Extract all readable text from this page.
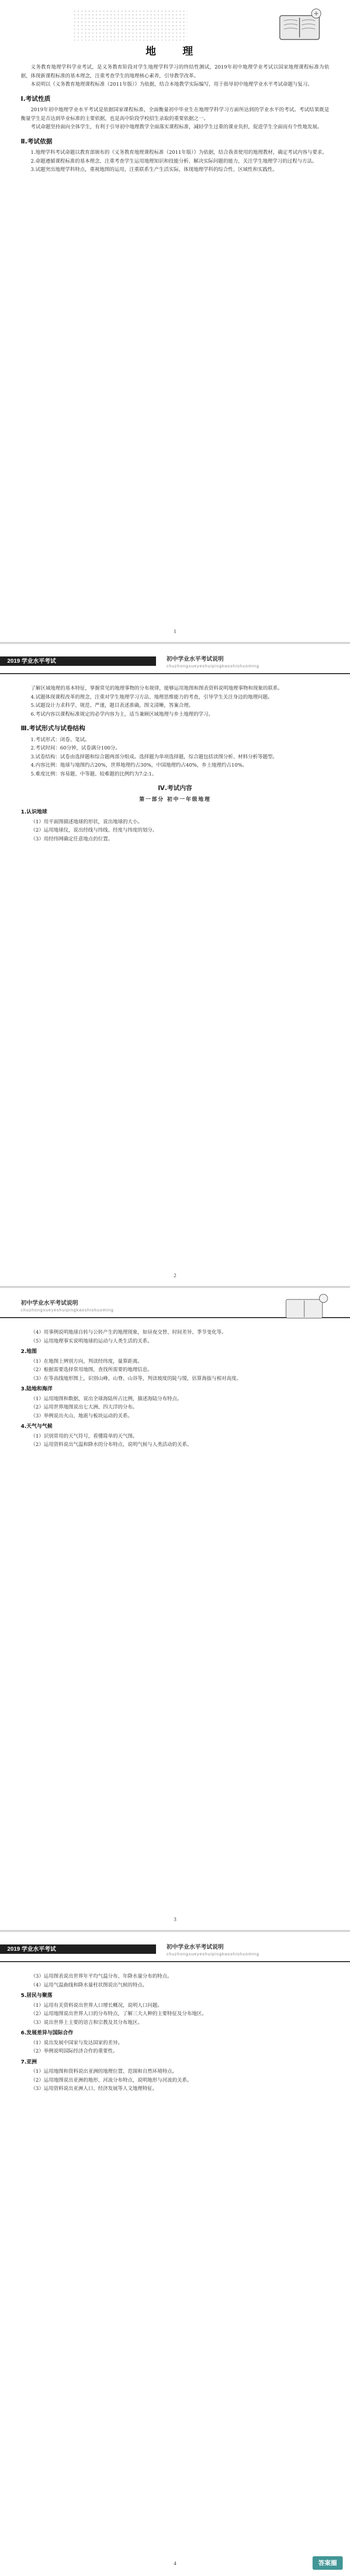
地 理

义务教育地理学科学业考试，是义务教育阶段对学生地理学科学习的终结性测试，2019年初中地理学业考试以国家地理课程标准为依据，体现新课程标准的基本理念，注重考查学生的地理核心素养，引导教学改革。

本说明以《义务教育地理课程标准（2011年版）》为依据，结合本地教学实际编写，用于指导初中地理学业水平考试命题与复习。

Ⅰ.考试性质

2019年初中地理学业水平考试是依据国家课程标准，全面衡量初中毕业生在地理学科学习方面所达到的学业水平的考试。考试结果既是衡量学生是否达到毕业标准的主要依据，也是高中阶段学校招生录取的重要依据之一。

考试命题坚持面向全体学生，有利于引导初中地理教学全面落实课程标准，减轻学生过重的课业负担，促进学生全面而有个性地发展。

Ⅱ.考试依据

1.地理学科考试命题以教育部颁布的《义务教育地理课程标准（2011年版）》为依据，结合我省使用的地理教材，确定考试内容与要求。

2.命题遵循课程标准的基本理念，注重考查学生运用地理知识和技能分析、解决实际问题的能力，关注学生地理学习的过程与方法。

3.试题突出地理学科特点，重视地图的运用，注重联系生产生活实际，体现地理学科的综合性、区域性和实践性。

1
2019 学业水平考试	初中学业水平考试说明
chuzhongxueyeshuipingkaoshishuoming

了解区域地理的基本特征，掌握常见的地理事物的分布规律，能够运用地图和图表资料说明地理事物和现象的联系。

4.试题体现课程改革的理念，注重对学生地理学习方法、地理思维能力的考查，引导学生关注身边的地理问题。

5.试题设计力求科学、规范、严谨，题目表述准确，图文清晰，答案合理。

6.考试内容以课程标准规定的必学内容为主，适当兼顾区域地理与乡土地理的学习。

Ⅲ.考试形式与试卷结构

1.考试形式：闭卷、笔试。

2.考试时间：60分钟，试卷满分100分。

3.试卷结构：试卷由选择题和综合题两部分组成。选择题为单项选择题，综合题包括读图分析、材料分析等题型。

4.内容比例：地球与地图约占20%，世界地理约占30%，中国地理约占40%，乡土地理约占10%。

5.难度比例：容易题、中等题、较难题的比例约为7:2:1。

Ⅳ.考试内容
第一部分 初中一年级地理
1.认识地球

（1）用平面图描述地球的形状，说出地球的大小。

（2）运用地球仪，说出经线与纬线、经度与纬度的划分。

（3）用经纬网确定任意地点的位置。

2
初中学业水平考试说明
chuzhongxueyeshuipingkaoshishuoming

（4）用事例说明地球自转与公转产生的地理现象，如昼夜交替、时间差异、季节变化等。

（5）运用地理事实说明地球的运动与人类生活的关系。

2.地图

（1）在地图上辨别方向，判读经纬度，量算距离。

（2）根据需要选择常用地图，查找所需要的地理信息。

（3）在等高线地形图上，识别山峰、山脊、山谷等，判读坡度的陡与缓，估算海拔与相对高度。

3.陆地和海洋

（1）运用地图和数据，说出全球海陆所占比例，描述海陆分布特点。

（2）运用世界地图说出七大洲、四大洋的分布。

（3）举例说出火山、地震与板块运动的关系。

4.天气与气候

（1）识别常用的天气符号，看懂简单的天气图。

（2）运用资料说出气温和降水的分布特点，说明气候与人类活动的关系。

3
2019 学业水平考试	初中学业水平考试说明
chuzhongxueyeshuipingkaoshishuoming

（3）运用图表说出世界年平均气温分布、年降水量分布的特点。

（4）运用气温曲线和降水量柱状图说出气候的特点。

5.居民与聚落

（1）运用有关资料说出世界人口增长概况，说明人口问题。

（2）运用地图说出世界人口的分布特点，了解三大人种的主要特征及分布地区。

（3）说出世界上主要的语言和宗教及其分布地区。

6.发展差异与国际合作

（1）说出发展中国家与发达国家的差异。

（2）举例说明国际经济合作的重要性。

7.亚洲

（1）运用地图和资料说出亚洲的地理位置、范围和自然环境特点。

（2）运用地图说出亚洲的地形、河流分布特点，说明地形与河流的关系。

（3）运用资料说出亚洲人口、经济发展等人文地理特征。

4	答案圈
